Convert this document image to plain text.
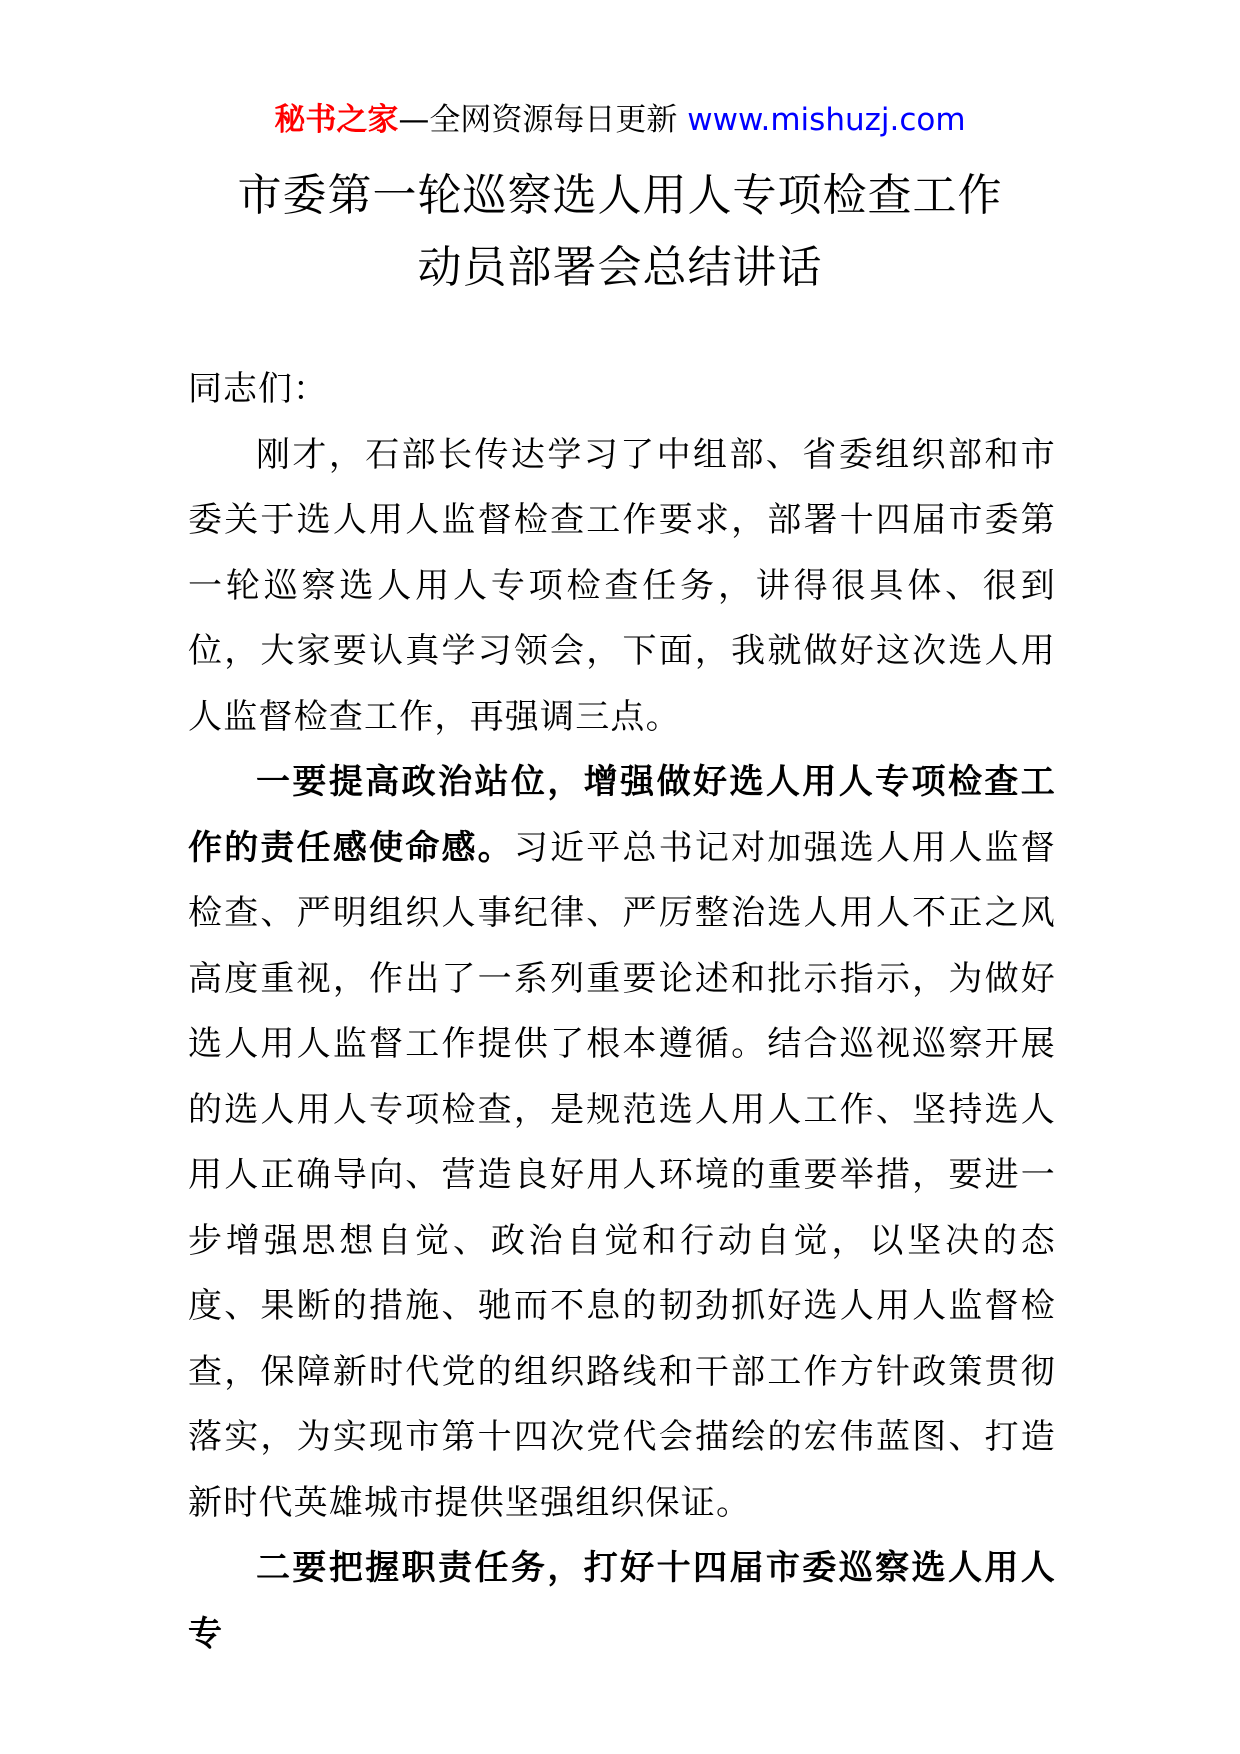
秘书之家—全网资源每日更新 www.mishuzj.com
市委第一轮巡察选人用人专项检查工作
动员部署会总结讲话

同志们：

刚才，石部长传达学习了中组部、省委组织部和市委关于选人用人监督检查工作要求，部署十四届市委第一轮巡察选人用人专项检查任务，讲得很具体、很到位，大家要认真学习领会，下面，我就做好这次选人用人监督检查工作，再强调三点。

一要提高政治站位，增强做好选人用人专项检查工作的责任感使命感。习近平总书记对加强选人用人监督检查、严明组织人事纪律、严厉整治选人用人不正之风高度重视，作出了一系列重要论述和批示指示，为做好选人用人监督工作提供了根本遵循。结合巡视巡察开展的选人用人专项检查，是规范选人用人工作、坚持选人用人正确导向、营造良好用人环境的重要举措，要进一步增强思想自觉、政治自觉和行动自觉，以坚决的态度、果断的措施、驰而不息的韧劲抓好选人用人监督检查，保障新时代党的组织路线和干部工作方针政策贯彻落实，为实现市第十四次党代会描绘的宏伟蓝图、打造新时代英雄城市提供坚强组织保证。

二要把握职责任务，打好十四届市委巡察选人用人专
